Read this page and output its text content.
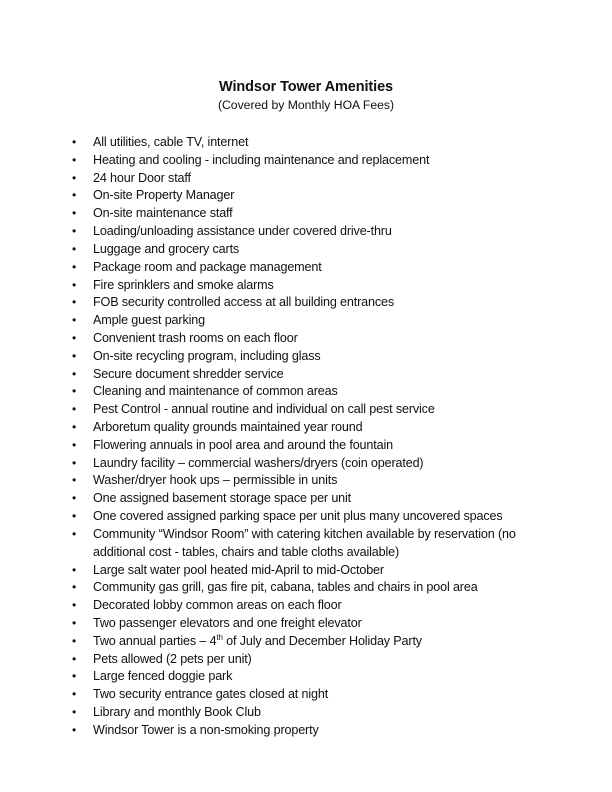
Windsor Tower Amenities
(Covered by Monthly HOA Fees)
• All utilities, cable TV, internet
• Heating and cooling - including maintenance and replacement
• 24 hour Door staff
• On-site Property Manager
• On-site maintenance staff
• Loading/unloading assistance under covered drive-thru
• Luggage and grocery carts
• Package room and package management
• Fire sprinklers and smoke alarms
• FOB security controlled access at all building entrances
• Ample guest parking
• Convenient trash rooms on each floor
• On-site recycling program, including glass
• Secure document shredder service
• Cleaning and maintenance of common areas
• Pest Control - annual routine and individual on call pest service
• Arboretum quality grounds maintained year round
• Flowering annuals in pool area and around the fountain
• Laundry facility – commercial washers/dryers (coin operated)
• Washer/dryer hook ups – permissible in units
• One assigned basement storage space per unit
• One covered assigned parking space per unit plus many uncovered spaces
• Community “Windsor Room” with catering kitchen available by reservation (no additional cost - tables, chairs and table cloths available)
• Large salt water pool heated mid-April to mid-October
• Community gas grill, gas fire pit, cabana, tables and chairs in pool area
• Decorated lobby common areas on each floor
• Two passenger elevators and one freight elevator
• Two annual parties – 4th of July and December Holiday Party
• Pets allowed (2 pets per unit)
• Large fenced doggie park
• Two security entrance gates closed at night
• Library and monthly Book Club
• Windsor Tower is a non-smoking property
